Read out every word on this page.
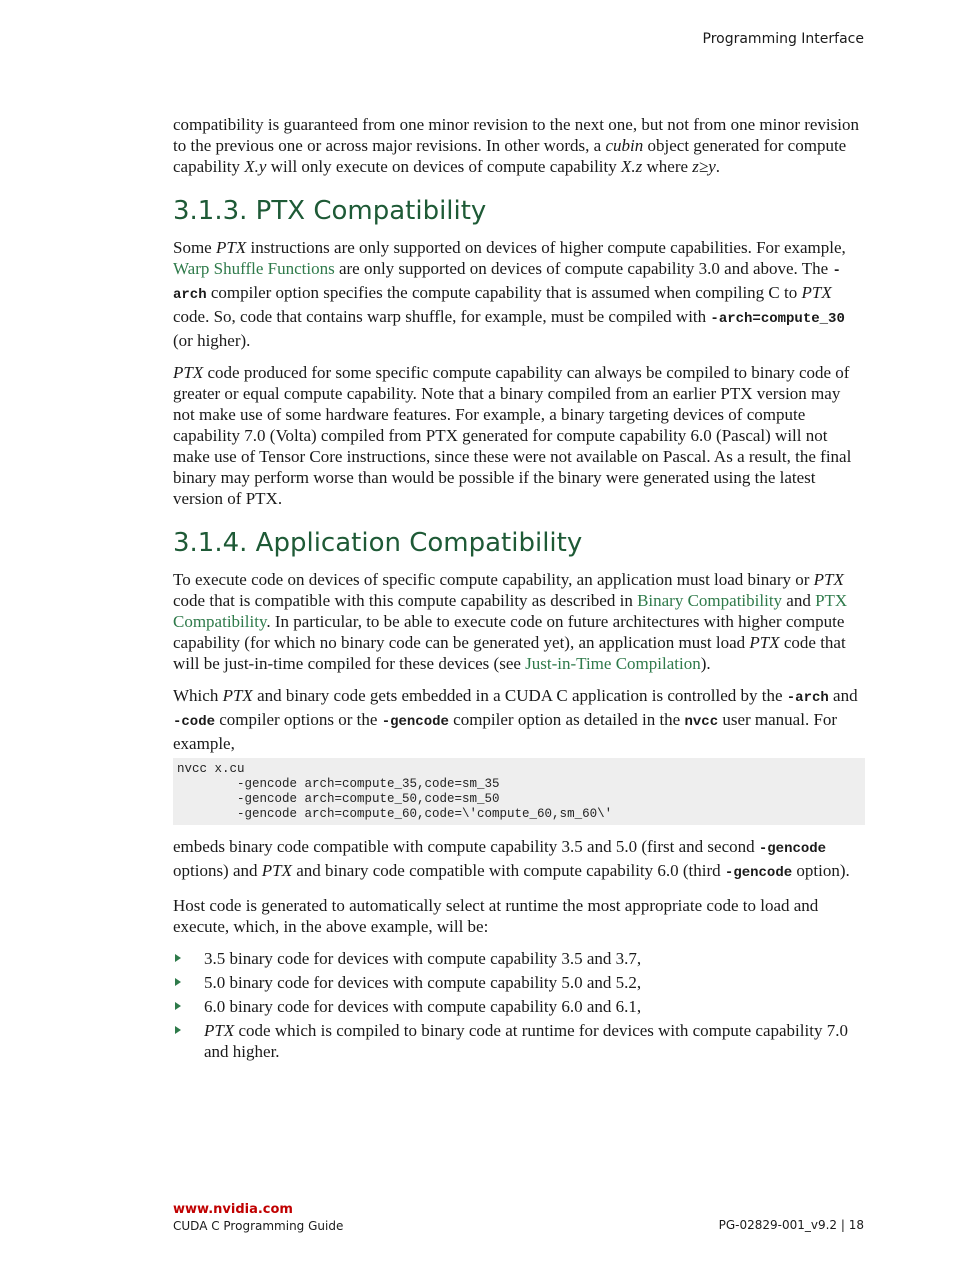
Programming Interface

compatibility is guaranteed from one minor revision to the next one, but not from one minor revision to the previous one or across major revisions. In other words, a cubin object generated for compute capability X.y will only execute on devices of compute capability X.z where z≥y.

3.1.3. PTX Compatibility

Some PTX instructions are only supported on devices of higher compute capabilities. For example, Warp Shuffle Functions are only supported on devices of compute capability 3.0 and above. The -arch compiler option specifies the compute capability that is assumed when compiling C to PTX code. So, code that contains warp shuffle, for example, must be compiled with -arch=compute_30 (or higher).

PTX code produced for some specific compute capability can always be compiled to binary code of greater or equal compute capability. Note that a binary compiled from an earlier PTX version may not make use of some hardware features. For example, a binary targeting devices of compute capability 7.0 (Volta) compiled from PTX generated for compute capability 6.0 (Pascal) will not make use of Tensor Core instructions, since these were not available on Pascal. As a result, the final binary may perform worse than would be possible if the binary were generated using the latest version of PTX.

3.1.4. Application Compatibility

To execute code on devices of specific compute capability, an application must load binary or PTX code that is compatible with this compute capability as described in Binary Compatibility and PTX Compatibility. In particular, to be able to execute code on future architectures with higher compute capability (for which no binary code can be generated yet), an application must load PTX code that will be just-in-time compiled for these devices (see Just-in-Time Compilation).

Which PTX and binary code gets embedded in a CUDA C application is controlled by the -arch and -code compiler options or the -gencode compiler option as detailed in the nvcc user manual. For example,

nvcc x.cu
-gencode arch=compute_35,code=sm_35
-gencode arch=compute_50,code=sm_50
-gencode arch=compute_60,code=\'compute_60,sm_60\'

embeds binary code compatible with compute capability 3.5 and 5.0 (first and second -gencode options) and PTX and binary code compatible with compute capability 6.0 (third -gencode option).

Host code is generated to automatically select at runtime the most appropriate code to load and execute, which, in the above example, will be:

3.5 binary code for devices with compute capability 3.5 and 3.7,
5.0 binary code for devices with compute capability 5.0 and 5.2,
6.0 binary code for devices with compute capability 6.0 and 6.1,
PTX code which is compiled to binary code at runtime for devices with compute capability 7.0 and higher.
www.nvidia.com
CUDA C Programming Guide	PG-02829-001_v9.2 | 18
